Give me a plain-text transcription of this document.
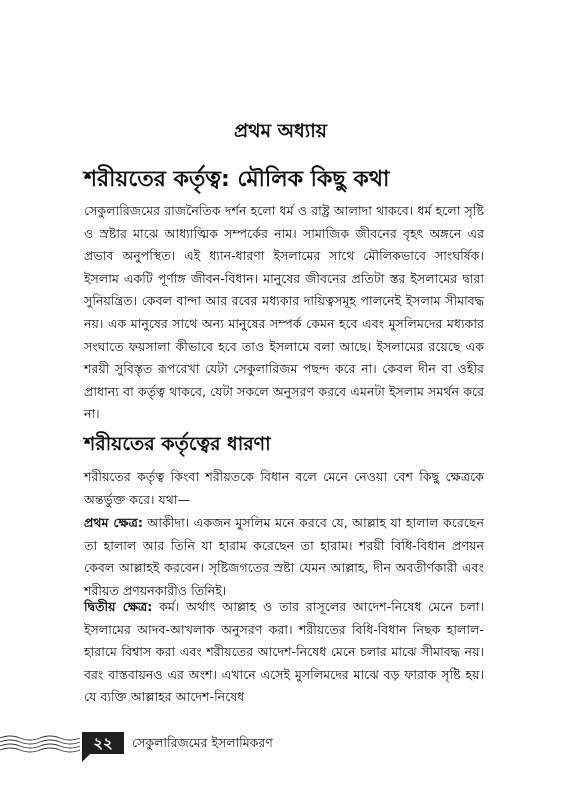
প্রথম অধ্যায়
শরীয়তের কর্তৃত্ব: মৌলিক কিছু কথা

সেকুলারিজমের রাজনৈতিক দর্শন হলো ধর্ম ও রাষ্ট্র আলাদা থাকবে। ধর্ম হলো সৃষ্টি ও স্রষ্টার মাঝে আধ্যাত্মিক সম্পর্কের নাম। সামাজিক জীবনের বৃহৎ অঙ্গনে এর প্রভাব অনুপস্থিত। এই ধ্যান-ধারণা ইসলামের সাথে মৌলিকভাবে সাংঘর্ষিক। ইসলাম একটি পূর্ণাঙ্গ জীবন-বিধান। মানুষের জীবনের প্রতিটা স্তর ইসলামের দ্বারা সুনিয়ন্ত্রিত। কেবল বান্দা আর রবের মধ্যকার দায়িত্বসমূহ পালনেই ইসলাম সীমাবদ্ধ নয়। এক মানুষের সাথে অন্য মানুষের সম্পর্ক কেমন হবে এবং মুসলিমদের মধ্যকার সংঘাতে ফয়সালা কীভাবে হবে তাও ইসলামে বলা আছে। ইসলামের রয়েছে এক শরয়ী সুবিস্তৃত রূপরেখা যেটা সেকুলারিজম পছন্দ করে না। কেবল দীন বা ওহীর প্রাধান্য বা কর্তৃত্ব থাকবে, যেটা সকলে অনুসরণ করবে এমনটা ইসলাম সমর্থন করে না।

শরীয়তের কর্তৃত্বের ধারণা

শরীয়তের কর্তৃত্ব কিংবা শরীয়তকে বিধান বলে মেনে নেওয়া বেশ কিছু ক্ষেত্রকে অন্তর্ভুক্ত করে। যথা—

প্রথম ক্ষেত্র: আকীদা। একজন মুসলিম মনে করবে যে, আল্লাহ যা হালাল করেছেন তা হালাল আর তিনি যা হারাম করেছেন তা হারাম। শরয়ী বিধি-বিধান প্রণয়ন কেবল আল্লাহই করবেন। সৃষ্টিজগতের স্রষ্টা যেমন আল্লাহ, দীন অবতীর্ণকারী এবং শরীয়ত প্রণয়নকারীও তিনিই।

দ্বিতীয় ক্ষেত্র: কর্ম। অর্থাৎ আল্লাহ ও তার রাসূলের আদেশ-নিষেধ মেনে চলা। ইসলামের আদব-আখলাক অনুসরণ করা। শরীয়তের বিধি-বিধান নিছক হালাল-হারামে বিশ্বাস করা এবং শরীয়তের আদেশ-নিষেধ মেনে চলার মাঝে সীমাবদ্ধ নয়। বরং বাস্তবায়নও এর অংশ। এখানে এসেই মুসলিমদের মাঝে বড় ফারাক সৃষ্টি হয়। যে ব্যক্তি আল্লাহর আদেশ-নিষেধ

২২	সেকুলারিজমের ইসলামিকরণ
